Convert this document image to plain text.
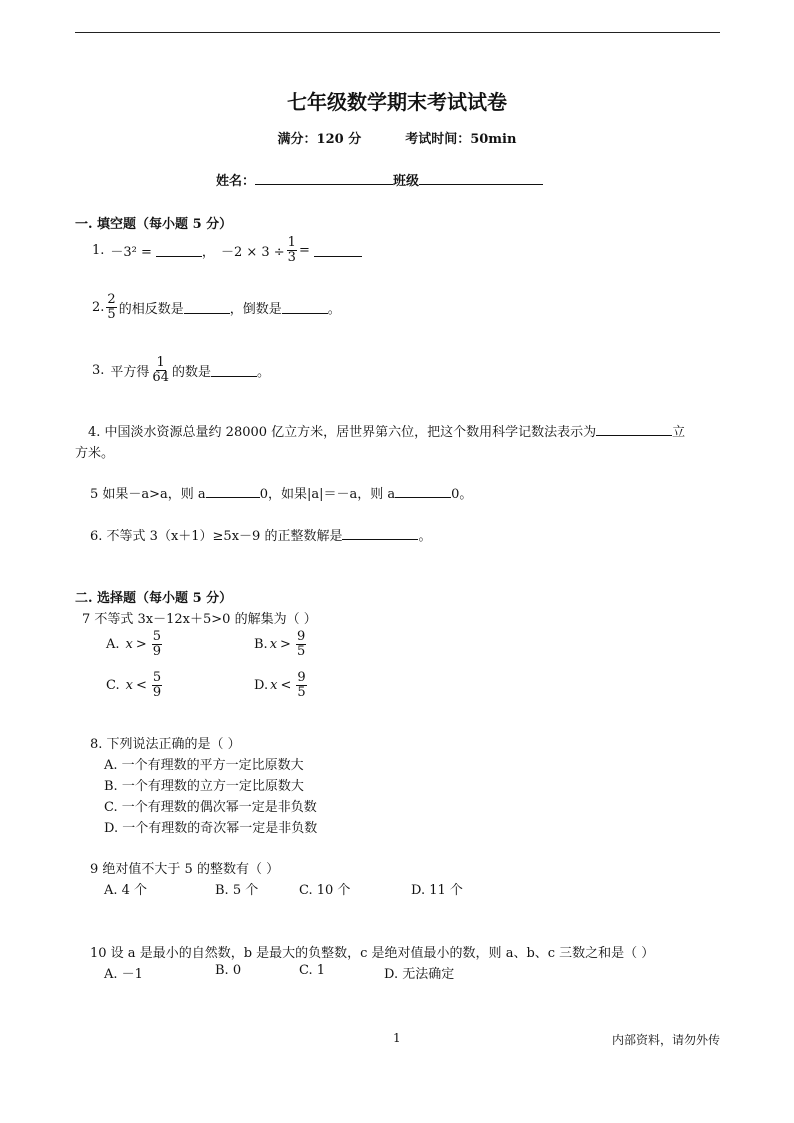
七年级数学期末考试试卷
满分：120 分	考试时间：50min
姓名：	班级
一. 填空题（每小题 5 分）
1. －3² =	， $-2 \times 3 \div \frac{1}{3}$ =
2. $\frac{2}{5}$ 的相反数是	，倒数是	。
3. 平方得 $\frac{1}{64}$ 的数是	。
4. 中国淡水资源总量约 28000 亿立方米，居世界第六位，把这个数用科学记数法表示为	立
方米。
5 如果－a>a，则 a	0，如果|a|＝－a，则 a	0。
6. 不等式 3（x＋1）≥5x－9 的正整数解是	。
二. 选择题（每小题 5 分）
7 不等式 3x－12x＋5>0 的解集为（ ）
A. $x > \frac{5}{9}$	B. $x > \frac{9}{5}$
C. $x < \frac{5}{9}$	D. $x < \frac{9}{5}$
8. 下列说法正确的是（ ）
A. 一个有理数的平方一定比原数大
B. 一个有理数的立方一定比原数大
C. 一个有理数的偶次幂一定是非负数
D. 一个有理数的奇次幂一定是非负数
9 绝对值不大于 5 的整数有（ ）
A. 4 个	B. 5 个	C. 10 个	D. 11 个
10 设 a 是最小的自然数，b 是最大的负整数，c 是绝对值最小的数，则 a、b、c 三数之和是（ ）
A. －1	B. 0	C. 1	D. 无法确定
1	内部资料，请勿外传
